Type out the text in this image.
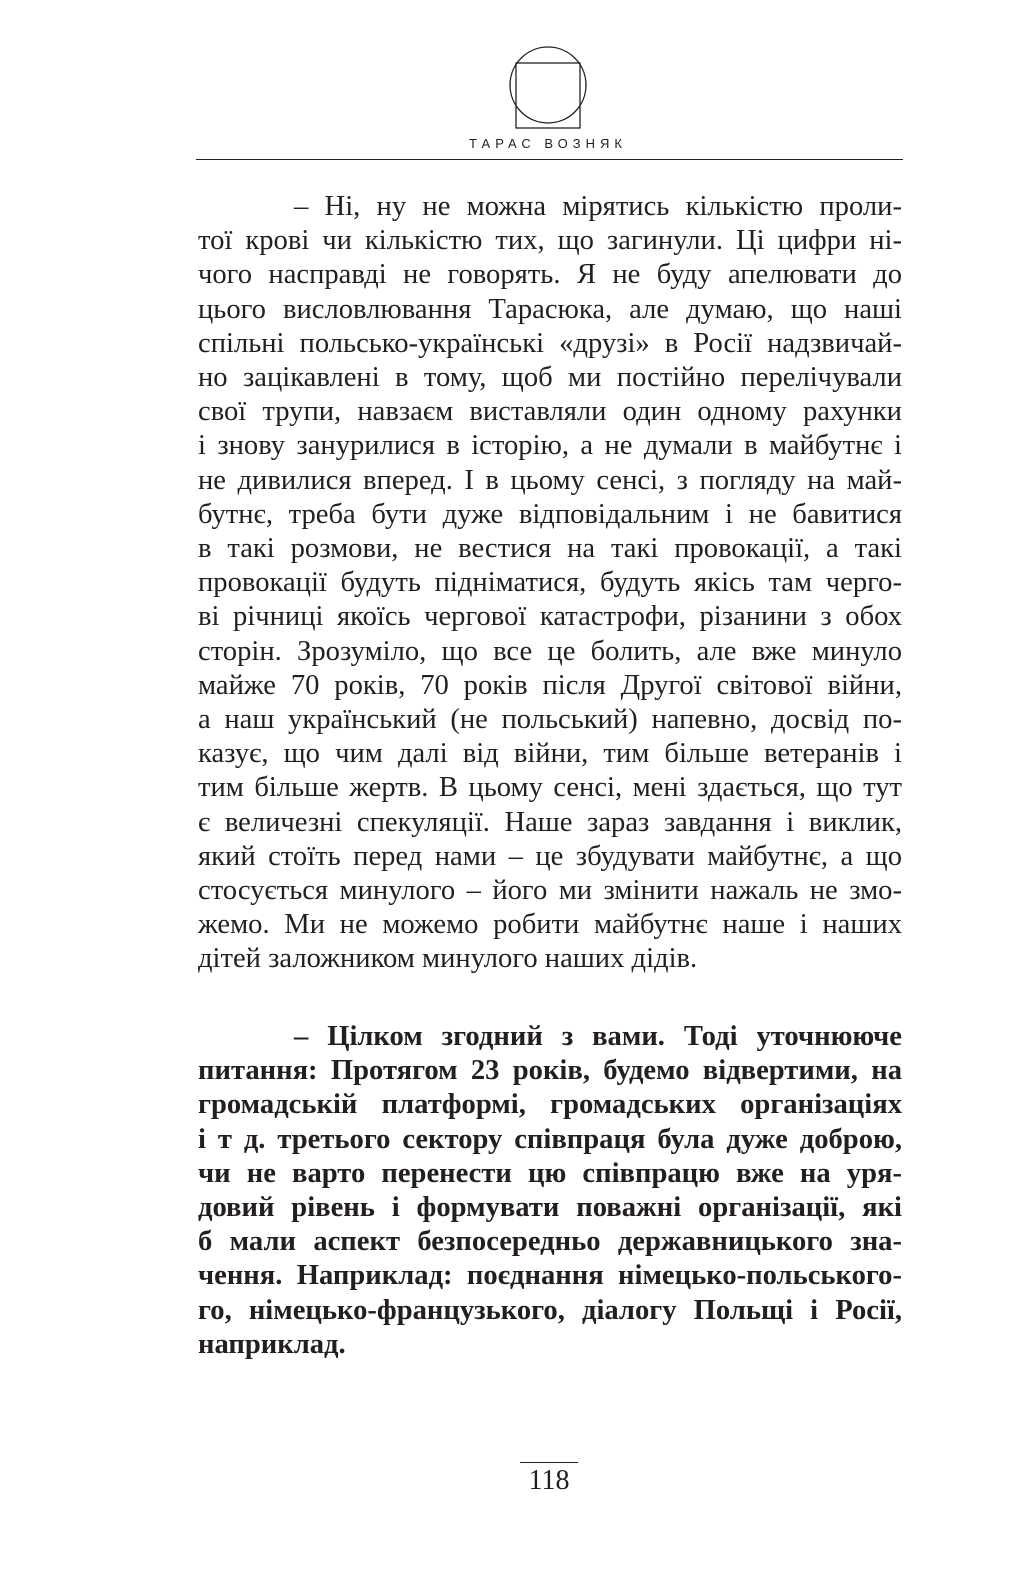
ТАРАС ВОЗНЯК
– Ні, ну не можна мірятись кількістю проли-
тої крові чи кількістю тих, що загинули. Ці цифри ні-
чого насправді не говорять. Я не буду апелювати до
цього висловлювання Тарасюка, але думаю, що наші
спільні польсько-українські «друзі» в Росії надзвичай-
но зацікавлені в тому, щоб ми постійно перелічували
свої трупи, навзаєм виставляли один одному рахунки
і знову занурилися в історію, а не думали в майбутнє і
не дивилися вперед. І в цьому сенсі, з погляду на май-
бутнє, треба бути дуже відповідальним і не бавитися
в такі розмови, не вестися на такі провокації, а такі
провокації будуть підніматися, будуть якісь там черго-
ві річниці якоїсь чергової катастрофи, різанини з обох
сторін. Зрозуміло, що все це болить, але вже минуло
майже 70 років, 70 років після Другої світової війни,
а наш український (не польський) напевно, досвід по-
казує, що чим далі від війни, тим більше ветеранів і
тим більше жертв. В цьому сенсі, мені здається, що тут
є величезні спекуляції. Наше зараз завдання і виклик,
який стоїть перед нами – це збудувати майбутнє, а що
стосується минулого – його ми змінити нажаль не змо-
жемо. Ми не можемо робити майбутнє наше і наших
дітей заложником минулого наших дідів.
– Цілком згодний з вами. Тоді уточнююче
питання: Протягом 23 років, будемо відвертими, на
громадській платформі, громадських організаціях
і т д. третього сектору співпраця була дуже доброю,
чи не варто перенести цю співпрацю вже на уря-
довий рівень і формувати поважні організації, які
б мали аспект безпосередньо державницького зна-
чення. Наприклад: поєднання німецько-польського-
го, німецько-французького, діалогу Польщі і Росії,
наприклад.
118
